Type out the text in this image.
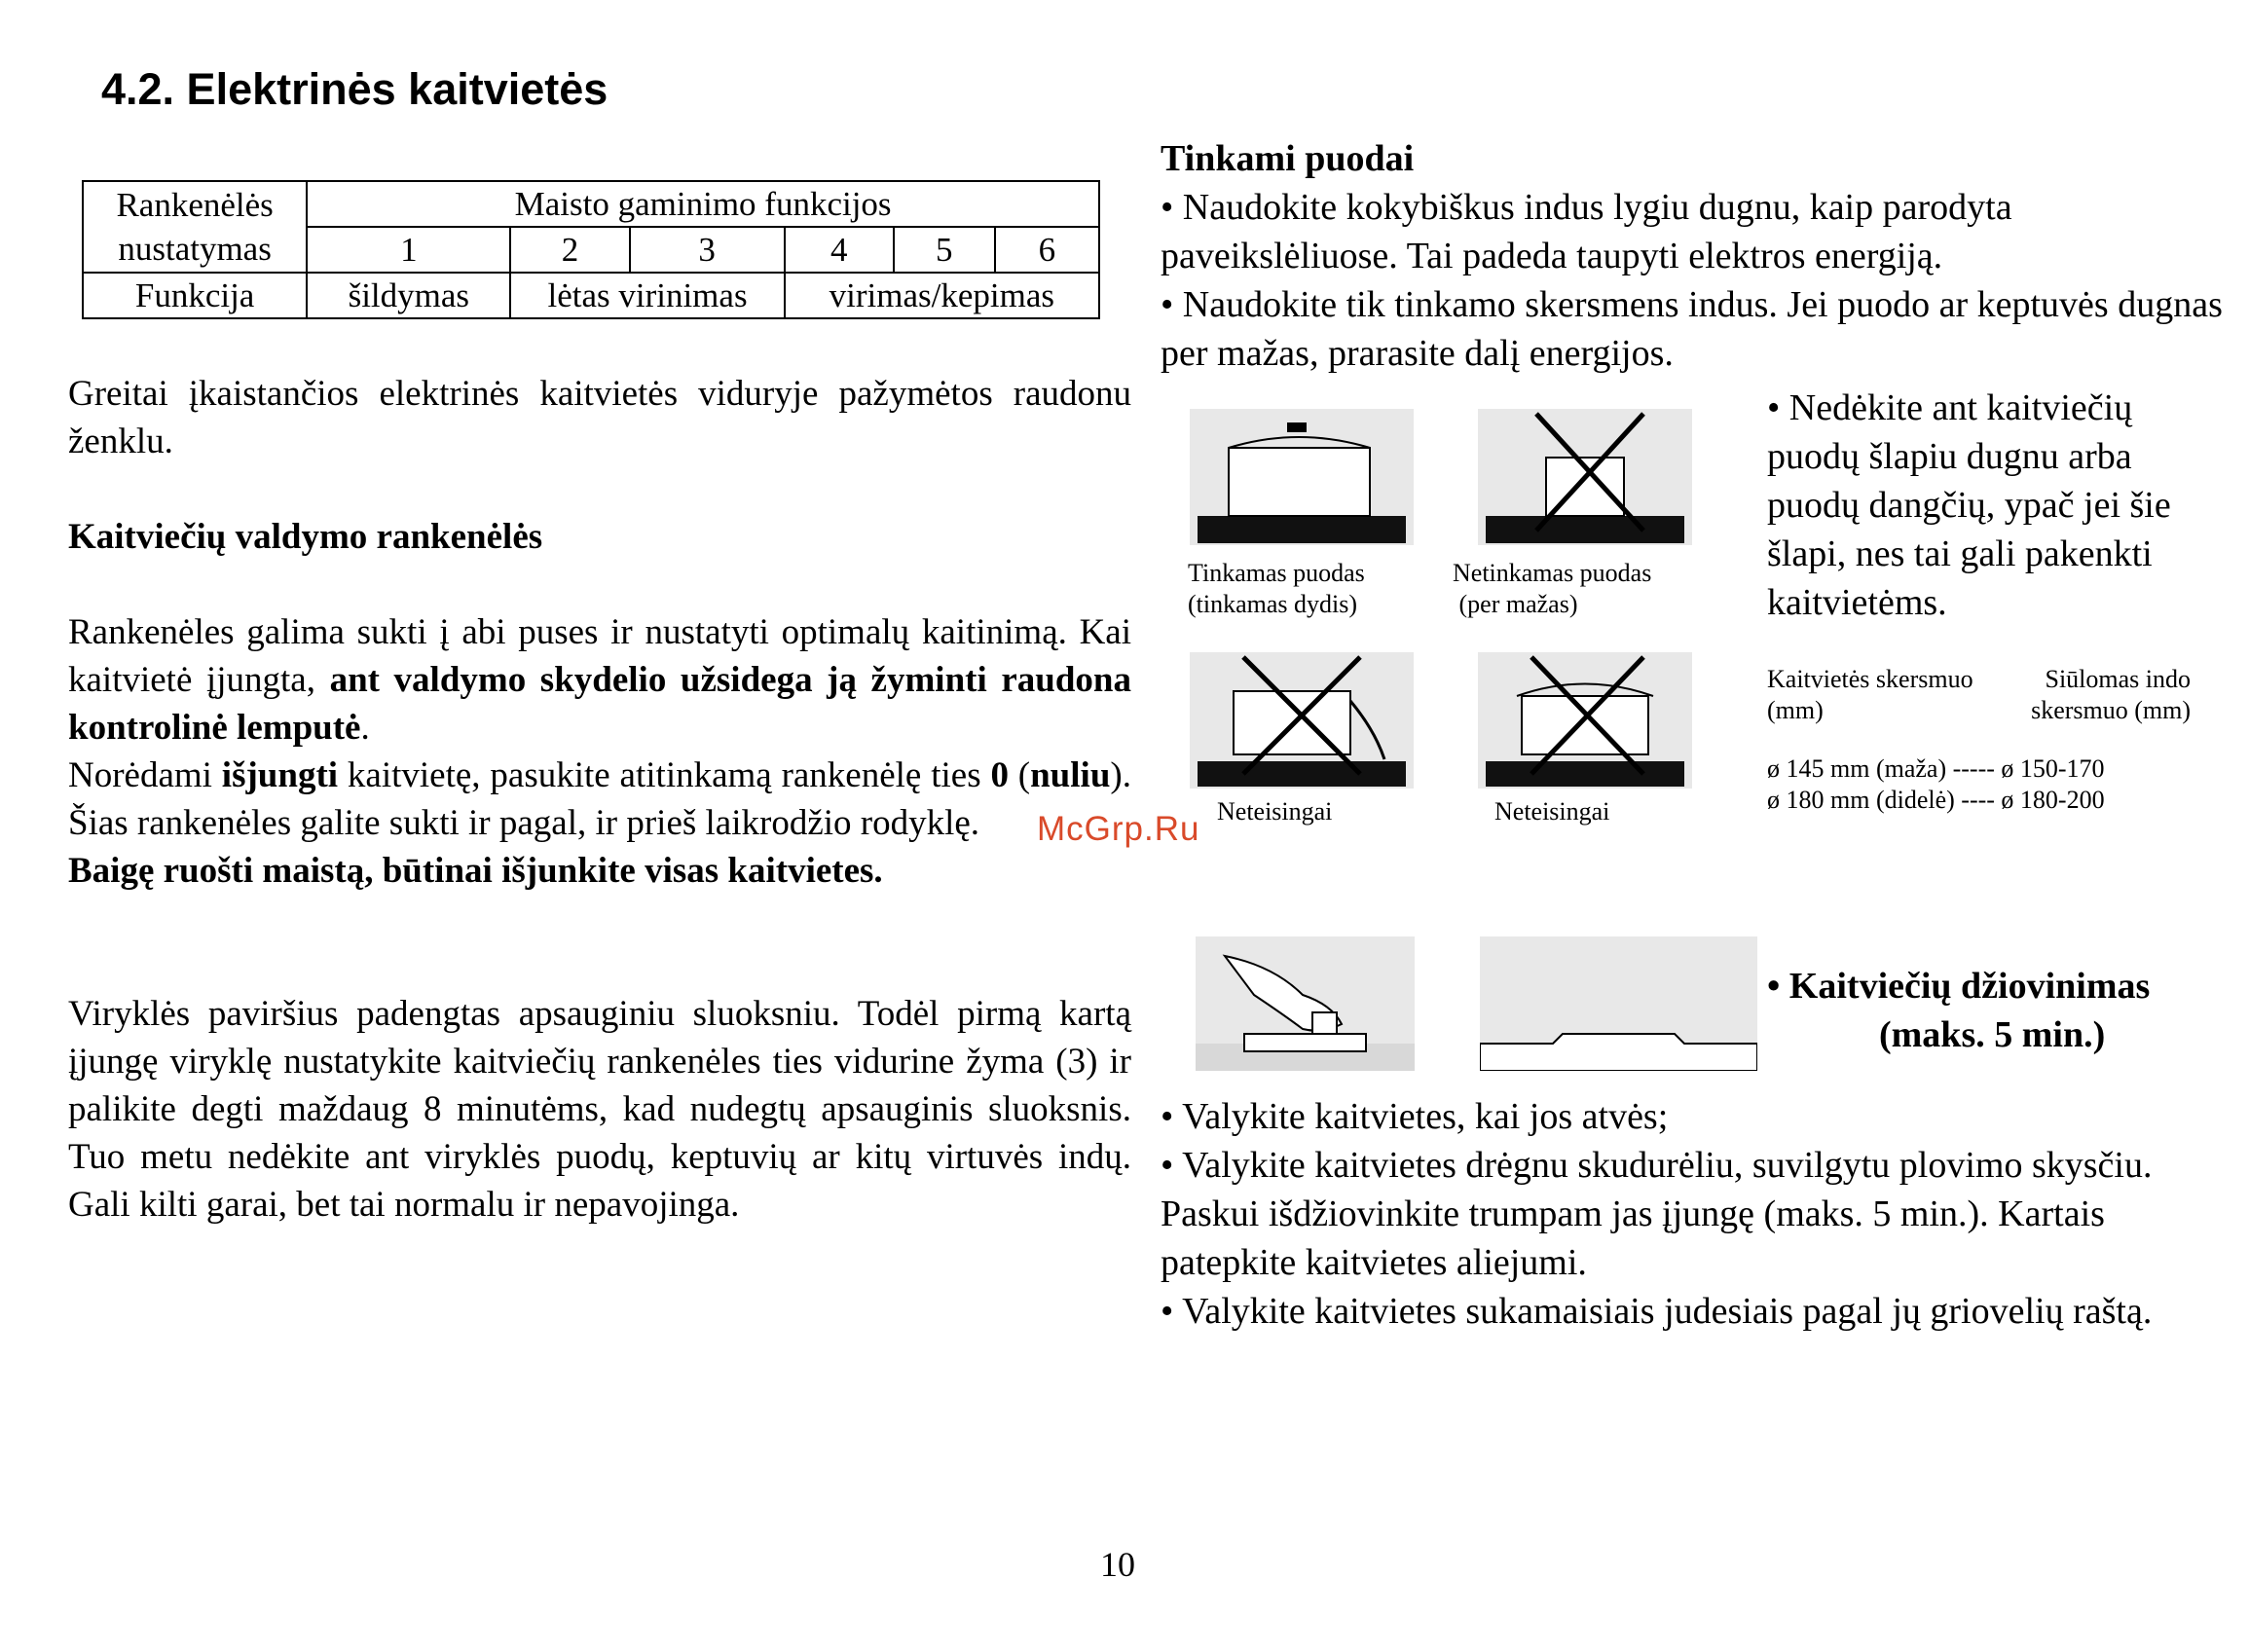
4.2. Elektrinės kaitvietės
Rankenėlės
nustatymas	Maisto gaminimo funkcijos					
	1	2	3	4	5	6
Funkcija	šildymas	lėtas virinimas		virimas/kepimas		

Greitai įkaistančios elektrinės kaitvietės viduryje pažymėtos raudonu ženklu.

Kaitviečių valdymo rankenėlės

Rankenėles galima sukti į abi puses ir nustatyti optimalų kaitinimą. Kai kaitvietė įjungta, ant valdymo skydelio užsidega ją žyminti raudona kontrolinė lemputė.

Norėdami išjungti kaitvietę, pasukite atitinkamą rankenėlę ties 0 (nuliu). Šias rankenėles galite sukti ir pagal, ir prieš laikrodžio rodyklę.

Baigę ruošti maistą, būtinai išjunkite visas kaitvietes.

Viryklės paviršius padengtas apsauginiu sluoksniu. Todėl pirmą kartą įjungę viryklę nustatykite kaitviečių rankenėles ties vidurine žyma (3) ir palikite degti maždaug 8 minutėms, kad nudegtų apsauginis sluoksnis. Tuo metu nedėkite ant viryklės puodų, keptuvių ar kitų virtuvės indų. Gali kilti garai, bet tai normalu ir nepavojinga.

Tinkami puodai

• Naudokite kokybiškus indus lygiu dugnu, kaip parodyta paveikslėliuose. Tai padeda taupyti elektros energiją.

• Naudokite tik tinkamo skersmens indus. Jei puodo ar keptuvės dugnas per mažas, prarasite dalį energijos.

• Nedėkite ant kaitviečių puodų šlapiu dugnu arba puodų dangčių, ypač jei šie šlapi, nes tai gali pakenkti kaitvietėms.
Tinkamas puodas
(tinkamas dydis)
Netinkamas puodas
(per mažas)
Neteisingai	Neteisingai
Kaitvietės skersmuo
(mm)
Siūlomas indo
skersmuo (mm)
ø 145 mm (maža) ----- ø 150-170
ø 180 mm (didelė) ---- ø 180-200
• Kaitviečių džiovinimas
(maks. 5 min.)

• Valykite kaitvietes, kai jos atvės;

• Valykite kaitvietes drėgnu skudurėliu, suvilgytu plovimo skysčiu. Paskui išdžiovinkite trumpam jas įjungę (maks. 5 min.). Kartais patepkite kaitvietes aliejumi.

• Valykite kaitvietes sukamaisiais judesiais pagal jų griovelių raštą.

McGrp.Ru
10
